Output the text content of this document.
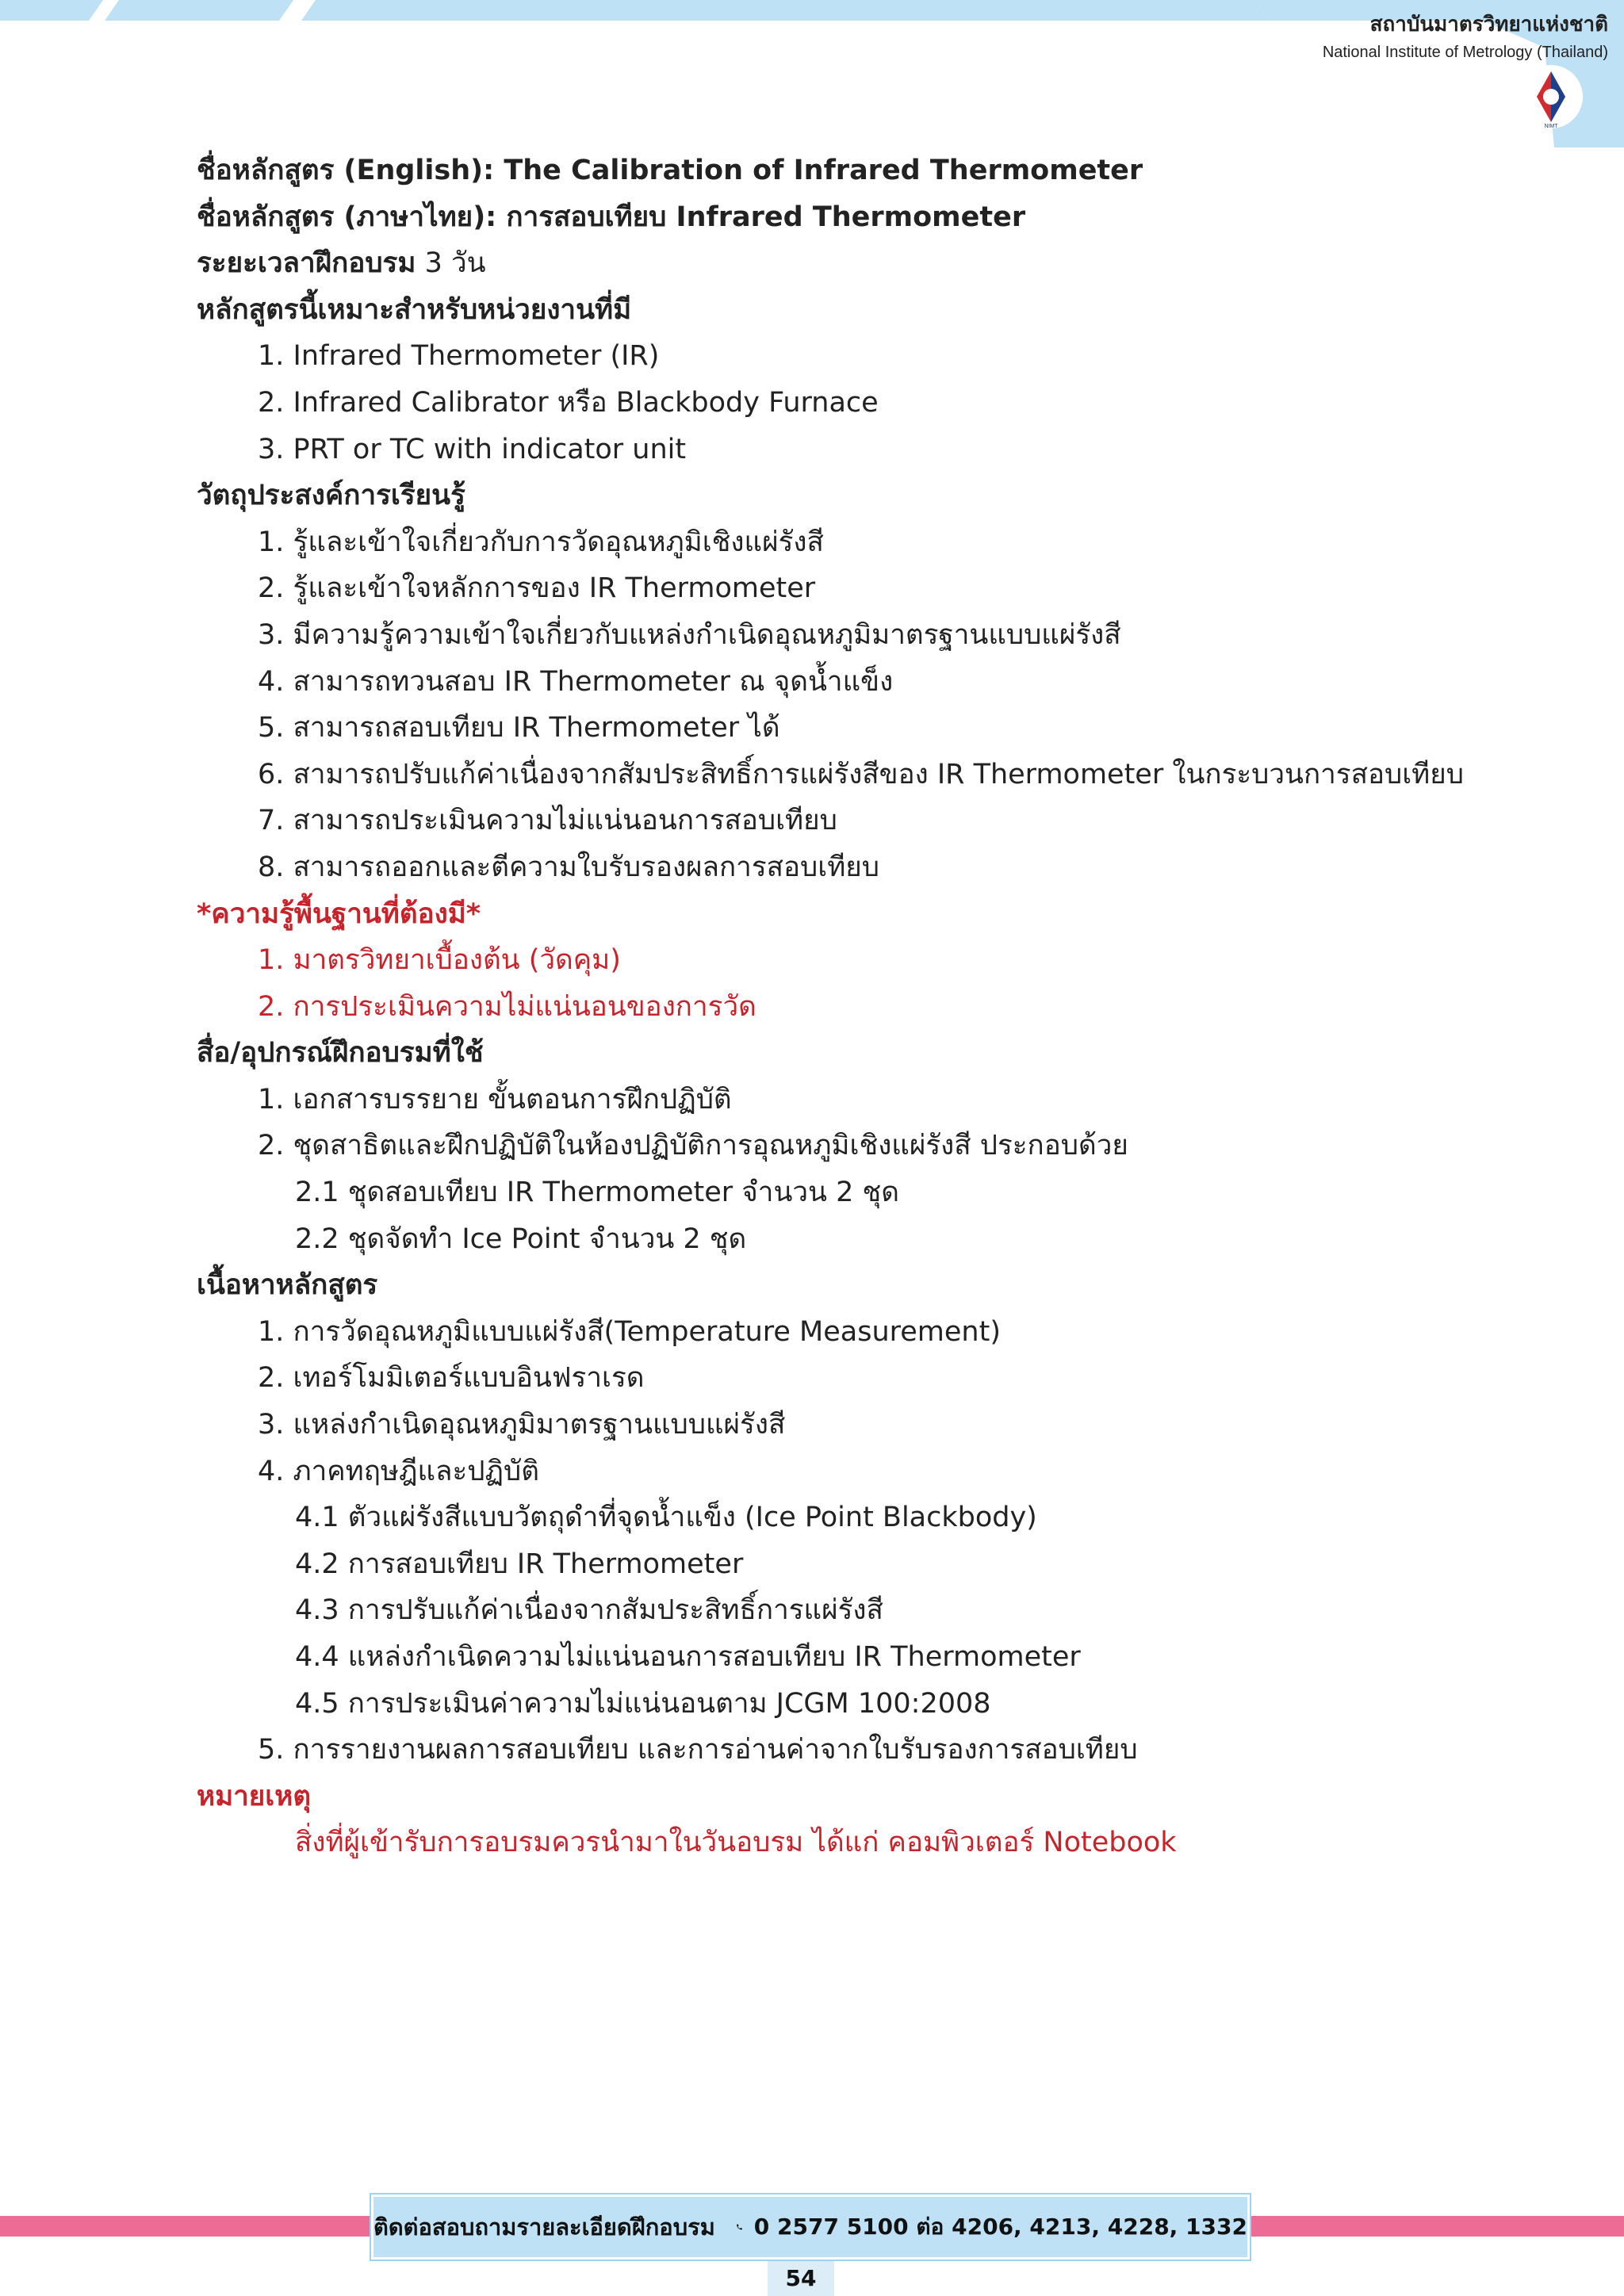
สถาบันมาตรวิทยาแห่งชาติ
National Institute of Metrology (Thailand)
NIMT
ชื่อหลักสูตร (English): The Calibration of Infrared Thermometer
ชื่อหลักสูตร (ภาษาไทย): การสอบเทียบ Infrared Thermometer
ระยะเวลาฝึกอบรม 3 วัน
หลักสูตรนี้เหมาะสำหรับหน่วยงานที่มี
1. Infrared Thermometer (IR)
2. Infrared Calibrator หรือ Blackbody Furnace
3. PRT or TC with indicator unit
วัตถุประสงค์การเรียนรู้
1. รู้และเข้าใจเกี่ยวกับการวัดอุณหภูมิเชิงแผ่รังสี
2. รู้และเข้าใจหลักการของ IR Thermometer
3. มีความรู้ความเข้าใจเกี่ยวกับแหล่งกำเนิดอุณหภูมิมาตรฐานแบบแผ่รังสี
4. สามารถทวนสอบ IR Thermometer ณ จุดน้ำแข็ง
5. สามารถสอบเทียบ IR Thermometer ได้
6. สามารถปรับแก้ค่าเนื่องจากสัมประสิทธิ์การแผ่รังสีของ IR Thermometer ในกระบวนการสอบเทียบ
7. สามารถประเมินความไม่แน่นอนการสอบเทียบ
8. สามารถออกและตีความใบรับรองผลการสอบเทียบ
*ความรู้พื้นฐานที่ต้องมี*
1. มาตรวิทยาเบื้องต้น (วัดคุม)
2. การประเมินความไม่แน่นอนของการวัด
สื่อ/อุปกรณ์ฝึกอบรมที่ใช้
1. เอกสารบรรยาย ขั้นตอนการฝึกปฏิบัติ
2. ชุดสาธิตและฝึกปฏิบัติในห้องปฏิบัติการอุณหภูมิเชิงแผ่รังสี ประกอบด้วย
2.1 ชุดสอบเทียบ IR Thermometer จำนวน 2 ชุด
2.2 ชุดจัดทำ Ice Point จำนวน 2 ชุด
เนื้อหาหลักสูตร
1. การวัดอุณหภูมิแบบแผ่รังสี(Temperature Measurement)
2. เทอร์โมมิเตอร์แบบอินฟราเรด
3. แหล่งกำเนิดอุณหภูมิมาตรฐานแบบแผ่รังสี
4. ภาคทฤษฎีและปฏิบัติ
4.1 ตัวแผ่รังสีแบบวัตถุดำที่จุดน้ำแข็ง (Ice Point Blackbody)
4.2 การสอบเทียบ IR Thermometer
4.3 การปรับแก้ค่าเนื่องจากสัมประสิทธิ์การแผ่รังสี
4.4 แหล่งกำเนิดความไม่แน่นอนการสอบเทียบ IR Thermometer
4.5 การประเมินค่าความไม่แน่นอนตาม JCGM 100:2008
5. การรายงานผลการสอบเทียบ และการอ่านค่าจากใบรับรองการสอบเทียบ
หมายเหตุ
สิ่งที่ผู้เข้ารับการอบรมควรนำมาในวันอบรม ได้แก่ คอมพิวเตอร์ Notebook
ติดต่อสอบถามรายละเอียดฝึกอบรม 0 2577 5100 ต่อ 4206, 4213, 4228, 1332
54
